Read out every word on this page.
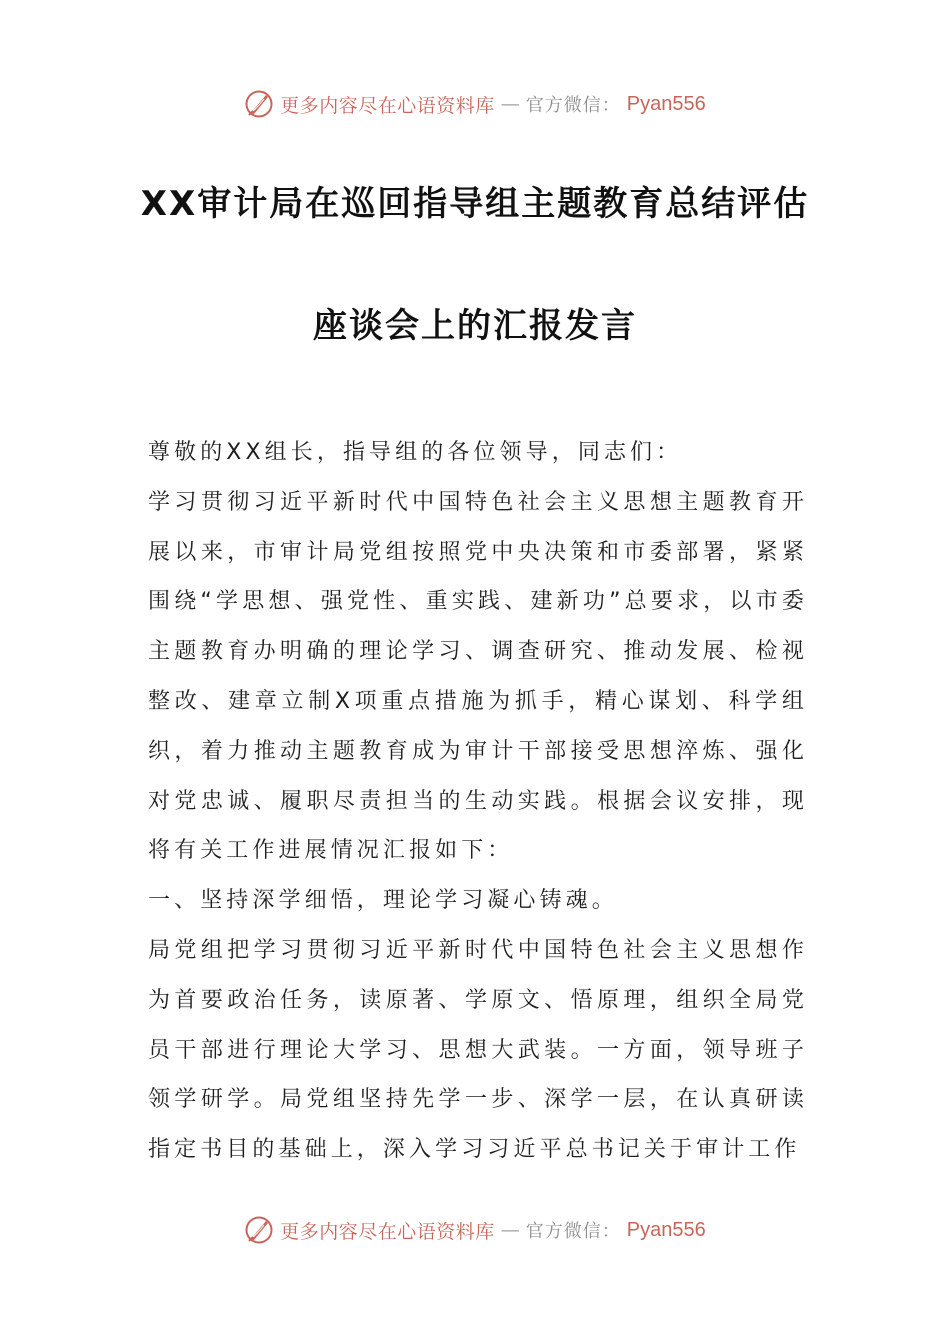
更多内容尽在心语资料库 — 官方微信： Pyan556
XX审计局在巡回指导组主题教育总结评估
座谈会上的汇报发言

尊敬的XX组长，指导组的各位领导，同志们：

学习贯彻习近平新时代中国特色社会主义思想主题教育开展以来，市审计局党组按照党中央决策和市委部署，紧紧围绕“学思想、强党性、重实践、建新功”总要求，以市委主题教育办明确的理论学习、调查研究、推动发展、检视整改、建章立制X项重点措施为抓手，精心谋划、科学组织，着力推动主题教育成为审计干部接受思想淬炼、强化对党忠诚、履职尽责担当的生动实践。根据会议安排，现将有关工作进展情况汇报如下：

一、坚持深学细悟，理论学习凝心铸魂。

局党组把学习贯彻习近平新时代中国特色社会主义思想作为首要政治任务，读原著、学原文、悟原理，组织全局党员干部进行理论大学习、思想大武装。一方面，领导班子领学研学。局党组坚持先学一步、深学一层，在认真研读指定书目的基础上，深入学习习近平总书记关于审计工作

更多内容尽在心语资料库 — 官方微信： Pyan556
